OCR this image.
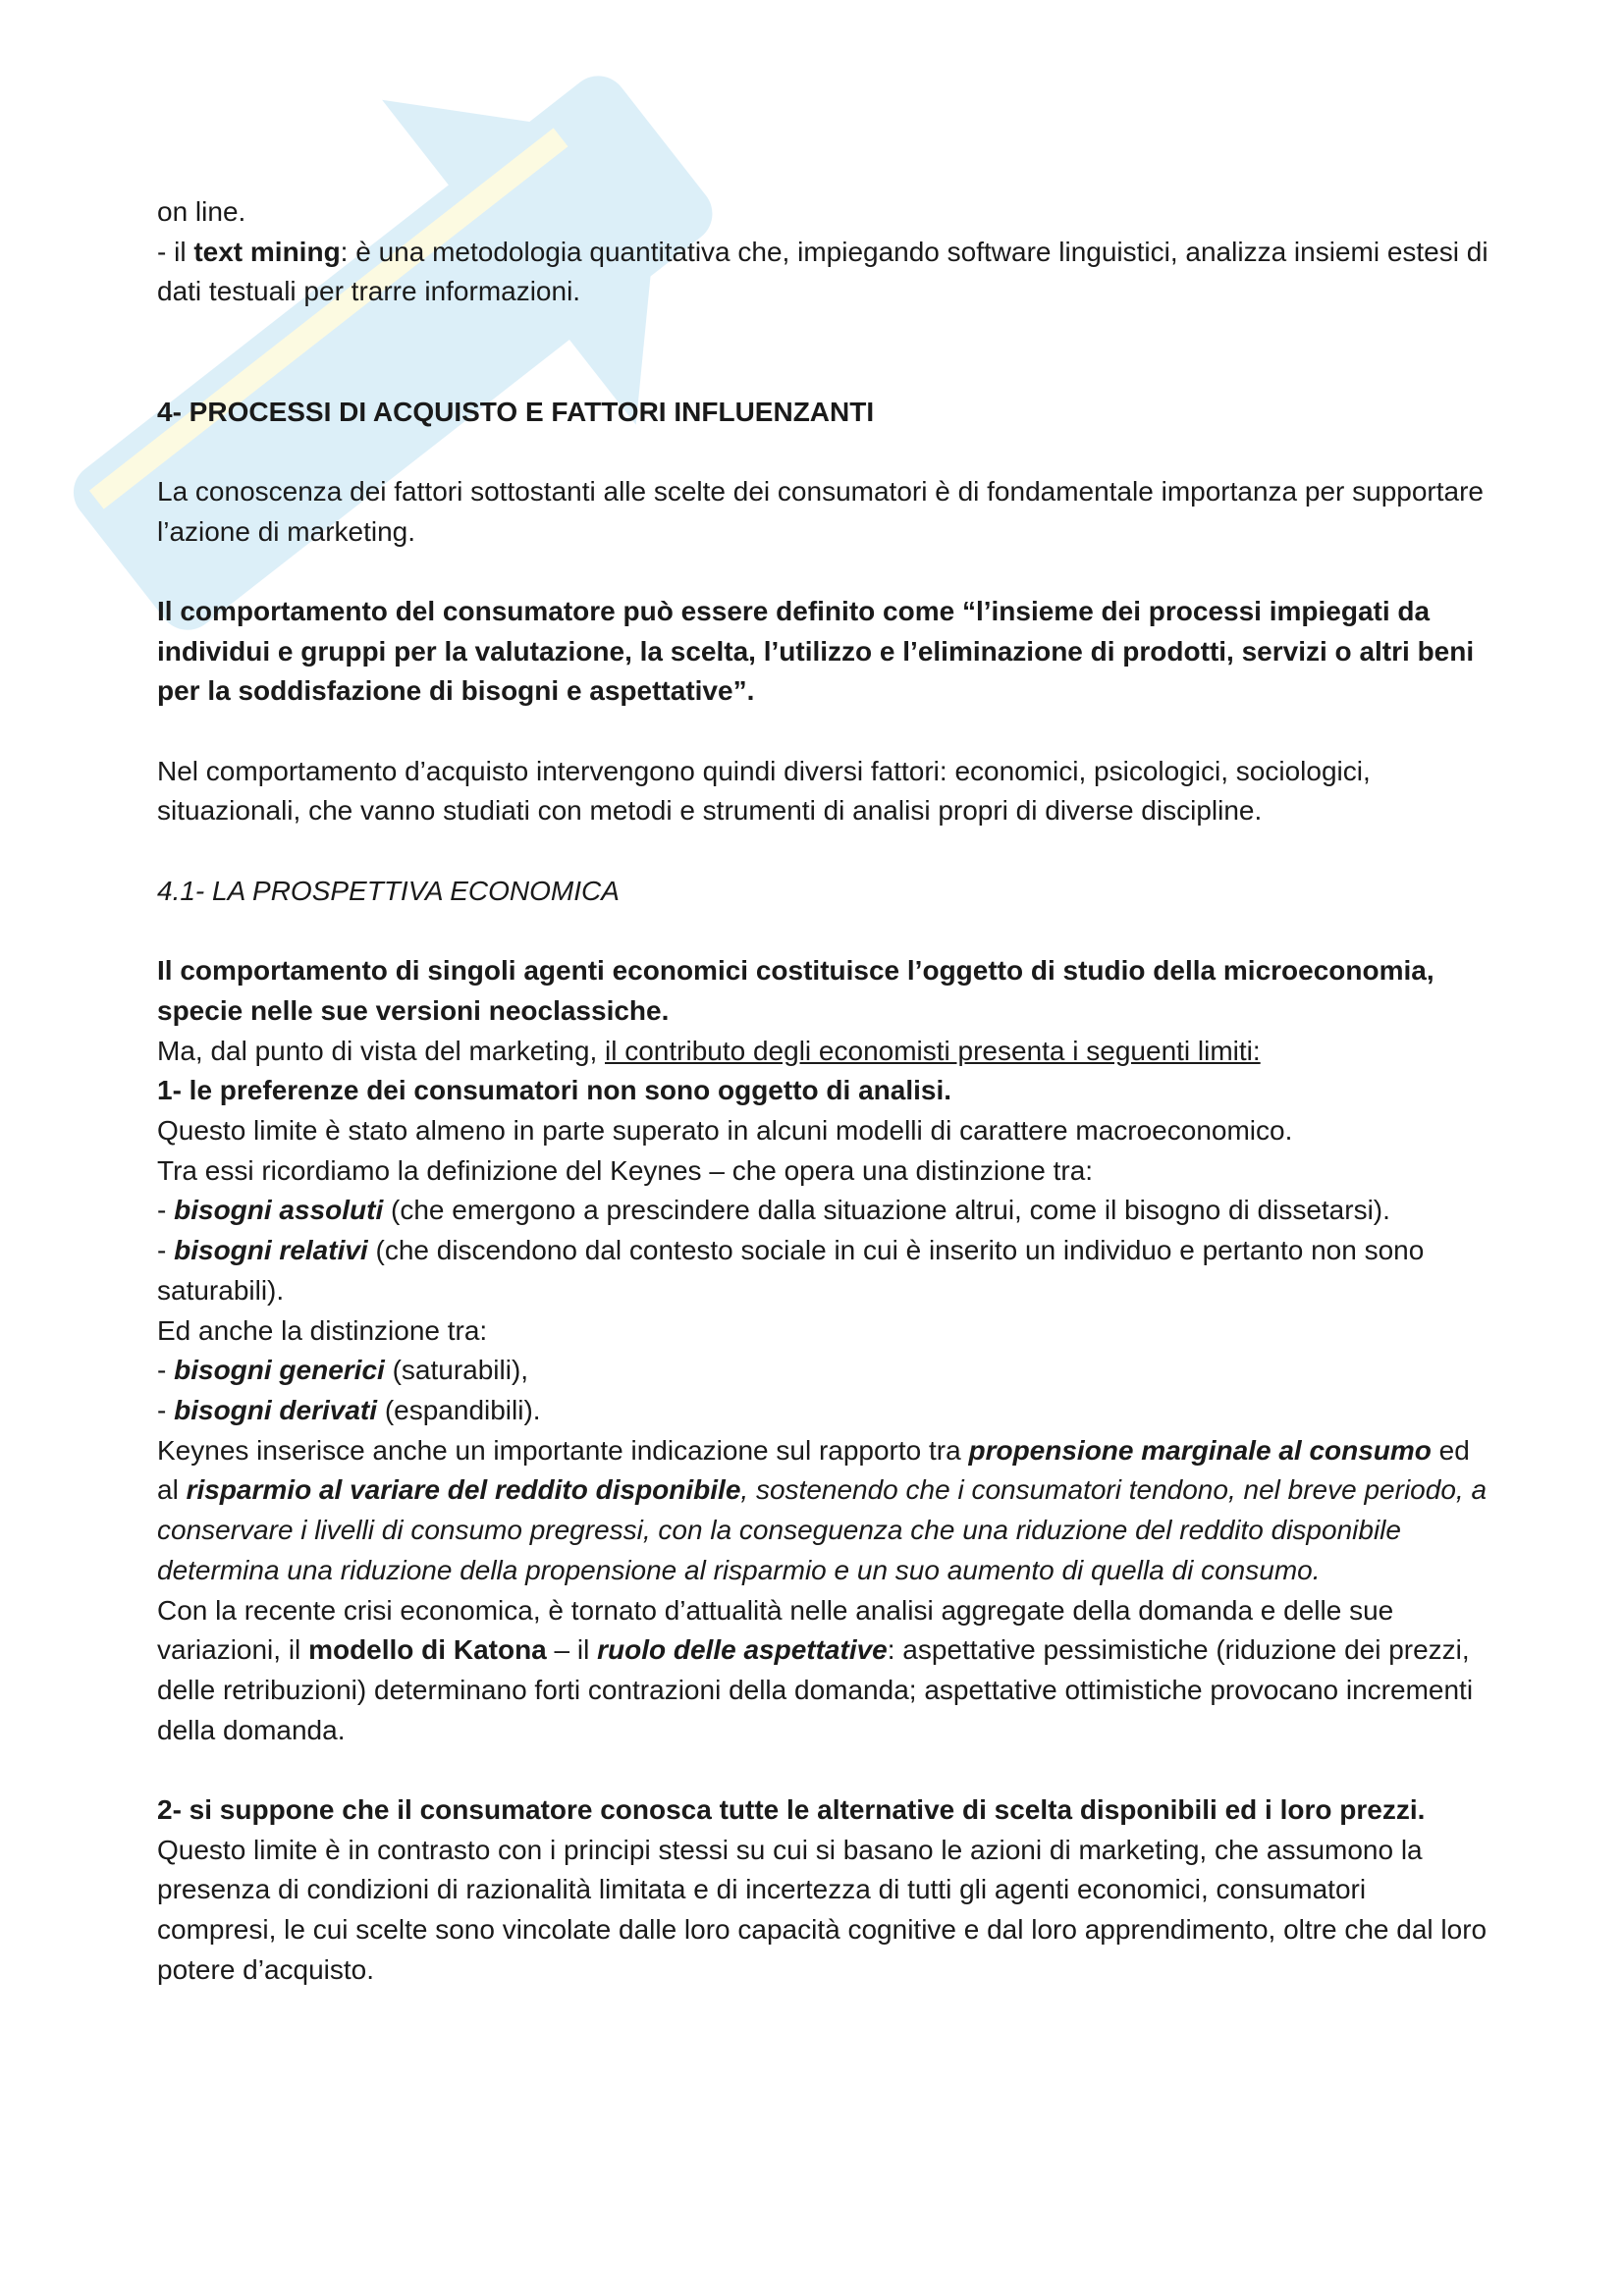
on line.

- il text mining: è una metodologia quantitativa che, impiegando software linguistici, analizza insiemi estesi di dati testuali per trarre informazioni.

4- PROCESSI DI ACQUISTO E FATTORI INFLUENZANTI

La conoscenza dei fattori sottostanti alle scelte dei consumatori è di fondamentale importanza per supportare l’azione di marketing.

Il comportamento del consumatore può essere definito come “l’insieme dei processi impiegati da individui e gruppi per la valutazione, la scelta, l’utilizzo e l’eliminazione di prodotti, servizi o altri beni per la soddisfazione di bisogni e aspettative”.

Nel comportamento d’acquisto intervengono quindi diversi fattori: economici, psicologici, sociologici, situazionali, che vanno studiati con metodi e strumenti di analisi propri di diverse discipline.

4.1- LA PROSPETTIVA ECONOMICA

Il comportamento di singoli agenti economici costituisce l’oggetto di studio della microeconomia, specie nelle sue versioni neoclassiche.

Ma, dal punto di vista del marketing, il contributo degli economisti presenta i seguenti limiti:

1- le preferenze dei consumatori non sono oggetto di analisi.

Questo limite è stato almeno in parte superato in alcuni modelli di carattere macroeconomico.

Tra essi ricordiamo la definizione del Keynes – che opera una distinzione tra:

- bisogni assoluti (che emergono a prescindere dalla situazione altrui, come il bisogno di dissetarsi).

- bisogni relativi (che discendono dal contesto sociale in cui è inserito un individuo e pertanto non sono saturabili).

Ed anche la distinzione tra:

- bisogni generici (saturabili),

- bisogni derivati (espandibili).

Keynes inserisce anche un importante indicazione sul rapporto tra propensione marginale al consumo ed al risparmio al variare del reddito disponibile, sostenendo che i consumatori tendono, nel breve periodo, a conservare i livelli di consumo pregressi, con la conseguenza che una riduzione del reddito disponibile determina una riduzione della propensione al risparmio e un suo aumento di quella di consumo.

Con la recente crisi economica, è tornato d’attualità nelle analisi aggregate della domanda e delle sue variazioni, il modello di Katona – il ruolo delle aspettative: aspettative pessimistiche (riduzione dei prezzi, delle retribuzioni) determinano forti contrazioni della domanda; aspettative ottimistiche provocano incrementi della domanda.

2- si suppone che il consumatore conosca tutte le alternative di scelta disponibili ed i loro prezzi.

Questo limite è in contrasto con i principi stessi su cui si basano le azioni di marketing, che assumono la presenza di condizioni di razionalità limitata e di incertezza di tutti gli agenti economici, consumatori compresi, le cui scelte sono vincolate dalle loro capacità cognitive e dal loro apprendimento, oltre che dal loro potere d’acquisto.
